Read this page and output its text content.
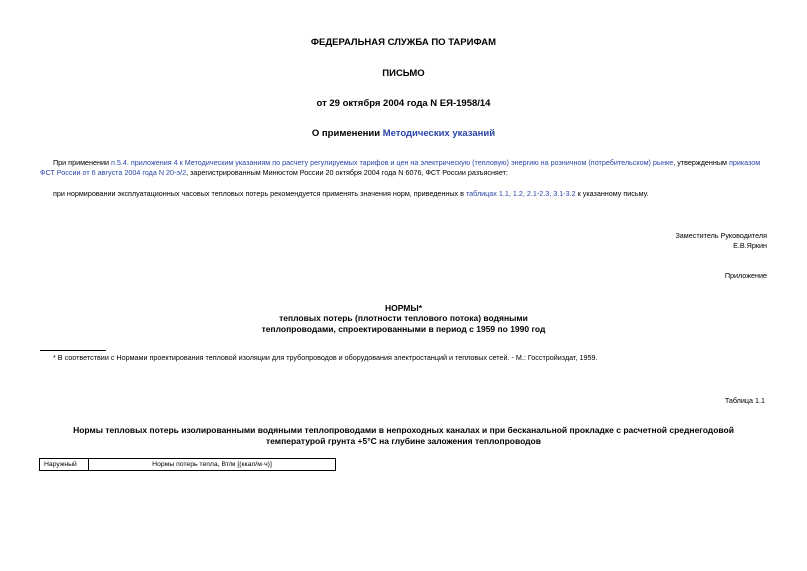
ФЕДЕРАЛЬНАЯ СЛУЖБА ПО ТАРИФАМ
ПИСЬМО
от 29 октября 2004 года N ЕЯ-1958/14
О применении Методических указаний
При применении п.5.4. приложения 4 к Методическим указаниям по расчету регулируемых тарифов и цен на электрическую (тепловую) энергию на розничном (потребительском) рынке, утвержденным приказом ФСТ России от 6 августа 2004 года N 20-э/2, зарегистрированным Минюстом России 20 октября 2004 года N 6076, ФСТ России разъясняет:
при нормировании эксплуатационных часовых тепловых потерь рекомендуется применять значения норм, приведенных в таблицах 1.1, 1.2, 2.1-2.3, 3.1-3.2 к указанному письму.
Заместитель Руководителя
Е.В.Яркин
Приложение
НОРМЫ*
тепловых потерь (плотности теплового потока) водяными
теплопроводами, спроектированными в период с 1959 по 1990 год
* В соответствии с Нормами проектирования тепловой изоляции для трубопроводов и оборудования электростанций и тепловых сетей. - М.: Госстройиздат, 1959.
Таблица 1.1
Нормы тепловых потерь изолированными водяными теплопроводами в непроходных каналах и при бесканальной прокладке с расчетной среднегодовой
температурой грунта +5°С на глубине заложения теплопроводов
Наружный	Нормы потерь тепла, Вт/м [(ккал/м·ч)]
